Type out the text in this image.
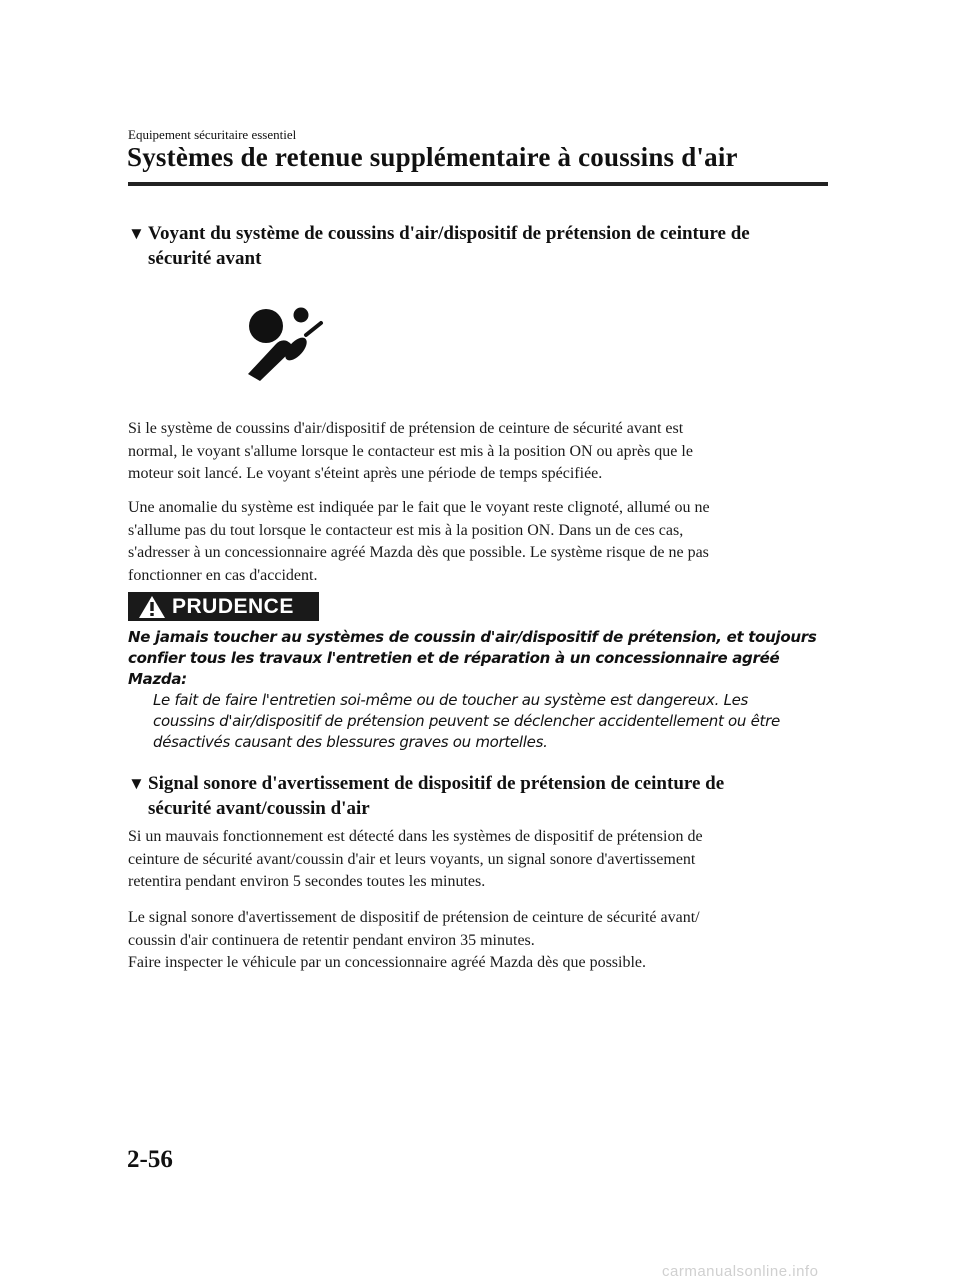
Equipement sécuritaire essentiel
Systèmes de retenue supplémentaire à coussins d'air
▼ Voyant du système de coussins d'air/dispositif de prétension de ceinture de
sécurité avant
Si le système de coussins d'air/dispositif de prétension de ceinture de sécurité avant est
normal, le voyant s'allume lorsque le contacteur est mis à la position ON ou après que le
moteur soit lancé. Le voyant s'éteint après une période de temps spécifiée.
Une anomalie du système est indiquée par le fait que le voyant reste clignoté, allumé ou ne
s'allume pas du tout lorsque le contacteur est mis à la position ON. Dans un de ces cas,
s'adresser à un concessionnaire agréé Mazda dès que possible. Le système risque de ne pas
fonctionner en cas d'accident.
PRUDENCE
Ne jamais toucher au systèmes de coussin d'air/dispositif de prétension, et toujours
confier tous les travaux l'entretien et de réparation à un concessionnaire agréé
Mazda:
Le fait de faire l'entretien soi-même ou de toucher au système est dangereux. Les
coussins d'air/dispositif de prétension peuvent se déclencher accidentellement ou être
désactivés causant des blessures graves ou mortelles.
▼ Signal sonore d'avertissement de dispositif de prétension de ceinture de
sécurité avant/coussin d'air
Si un mauvais fonctionnement est détecté dans les systèmes de dispositif de prétension de
ceinture de sécurité avant/coussin d'air et leurs voyants, un signal sonore d'avertissement
retentira pendant environ 5 secondes toutes les minutes.
Le signal sonore d'avertissement de dispositif de prétension de ceinture de sécurité avant/
coussin d'air continuera de retentir pendant environ 35 minutes.
Faire inspecter le véhicule par un concessionnaire agréé Mazda dès que possible.
2-56
carmanualsonline.info
